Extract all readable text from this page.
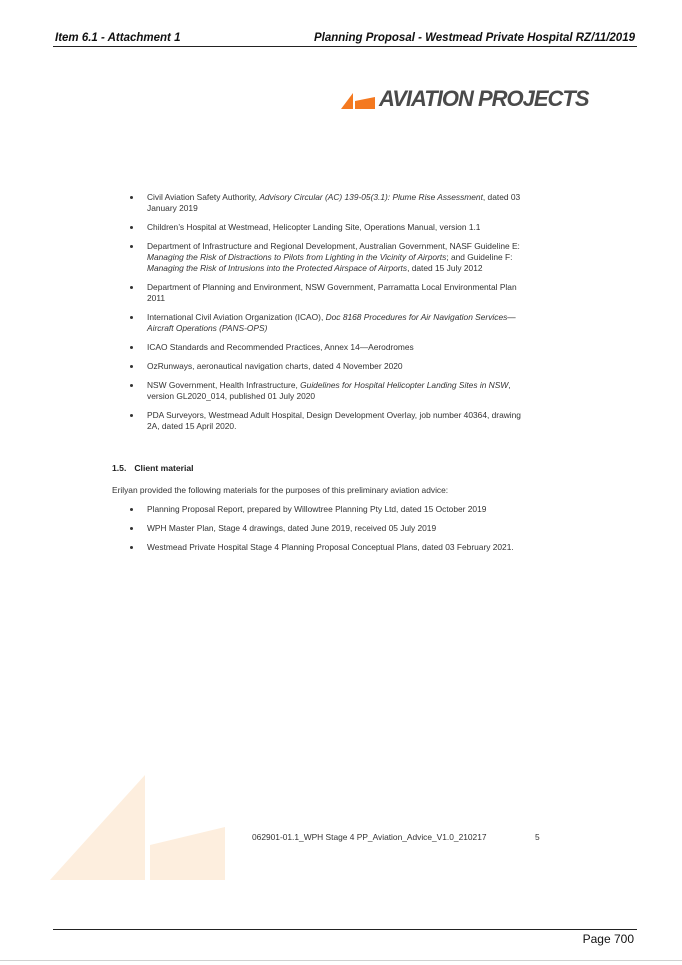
Item 6.1 - Attachment 1	Planning Proposal - Westmead Private Hospital RZ/11/2019
AVIATION PROJECTS
Civil Aviation Safety Authority, Advisory Circular (AC) 139-05(3.1): Plume Rise Assessment, dated 03 January 2019
Children’s Hospital at Westmead, Helicopter Landing Site, Operations Manual, version 1.1
Department of Infrastructure and Regional Development, Australian Government, NASF Guideline E: Managing the Risk of Distractions to Pilots from Lighting in the Vicinity of Airports; and Guideline F: Managing the Risk of Intrusions into the Protected Airspace of Airports, dated 15 July 2012
Department of Planning and Environment, NSW Government, Parramatta Local Environmental Plan 2011
International Civil Aviation Organization (ICAO), Doc 8168 Procedures for Air Navigation Services—Aircraft Operations (PANS-OPS)
ICAO Standards and Recommended Practices, Annex 14—Aerodromes
OzRunways, aeronautical navigation charts, dated 4 November 2020
NSW Government, Health Infrastructure, Guidelines for Hospital Helicopter Landing Sites in NSW, version GL2020_014, published 01 July 2020
PDA Surveyors, Westmead Adult Hospital, Design Development Overlay, job number 40364, drawing 2A, dated 15 April 2020.
1.5. Client material
Erilyan provided the following materials for the purposes of this preliminary aviation advice:
Planning Proposal Report, prepared by Willowtree Planning Pty Ltd, dated 15 October 2019
WPH Master Plan, Stage 4 drawings, dated June 2019, received 05 July 2019
Westmead Private Hospital Stage 4 Planning Proposal Conceptual Plans, dated 03 February 2021.
062901-01.1_WPH Stage 4 PP_Aviation_Advice_V1.0_210217	5
Page 700
